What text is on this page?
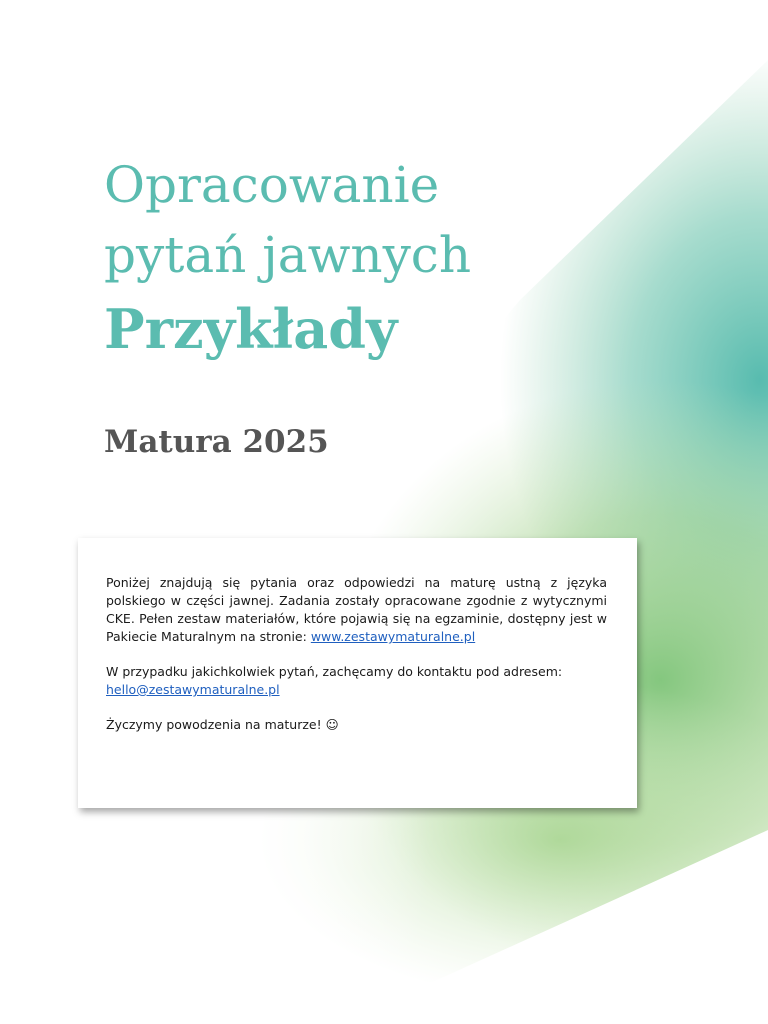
Opracowanie
pytań jawnych
Przykłady
Matura 2025

Poniżej znajdują się pytania oraz odpowiedzi na maturę ustną z języka polskiego w części jawnej. Zadania zostały opracowane zgodnie z wytycznymi CKE. Pełen zestaw materiałów, które pojawią się na egzaminie, dostępny jest w Pakiecie Maturalnym na stronie: www.zestawymaturalne.pl

W przypadku jakichkolwiek pytań, zachęcamy do kontaktu pod adresem: hello@zestawymaturalne.pl

Życzymy powodzenia na maturze! ☺
